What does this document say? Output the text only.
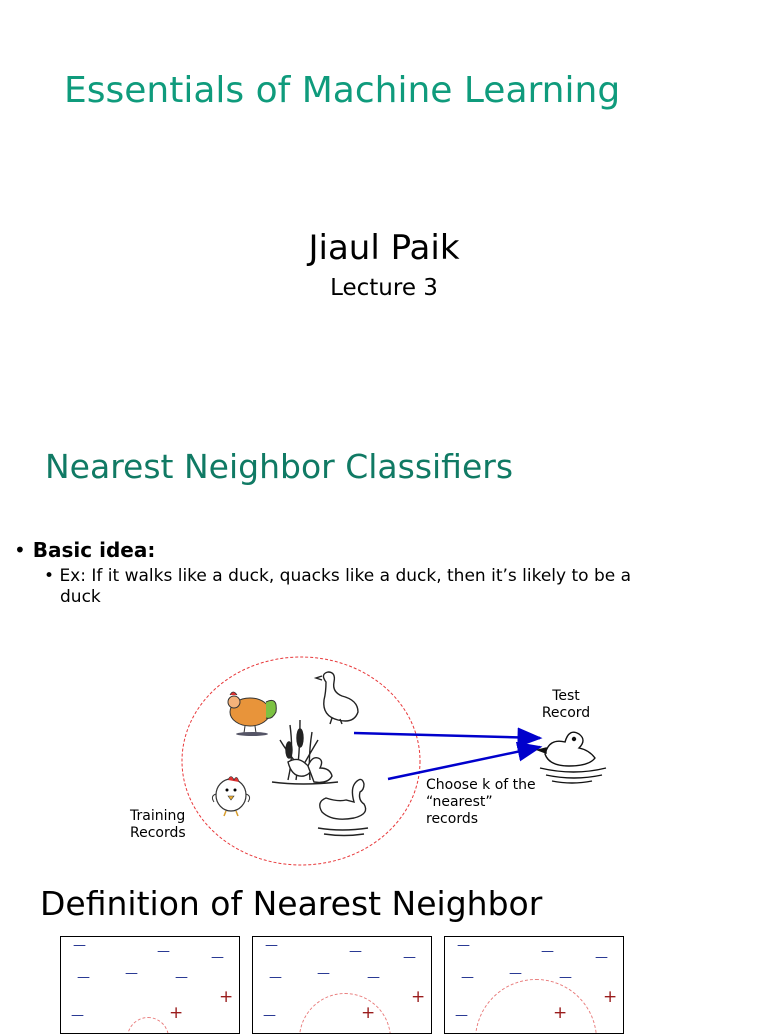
Essentials of Machine Learning
Jiaul Paik
Lecture 3
Nearest Neighbor Classifiers
• Basic idea:
• Ex: If it walks like a duck, quacks like a duck, then it’s likely to be a
duck
Test
Record
Training
Records
Choose k of the
“nearest”
records
Definition of Nearest Neighbor
—	—	—
—	—	—
+
—	+
—	—	—
—	—	—
+
—	+
—	—	—
—	—	—
+
—	+
